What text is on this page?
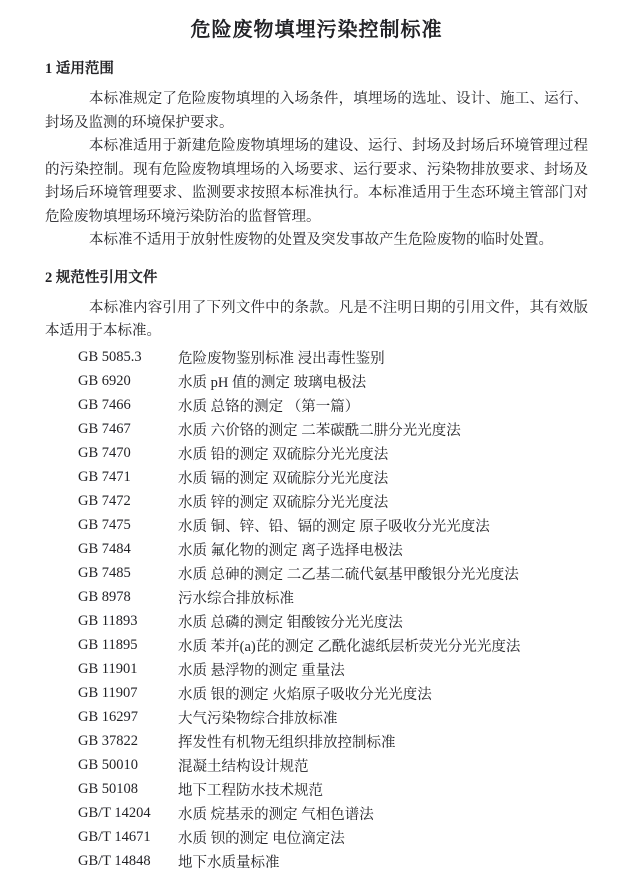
危险废物填埋污染控制标准
1 适用范围

本标准规定了危险废物填埋的入场条件，填埋场的选址、设计、施工、运行、封场及监测的环境保护要求。

本标准适用于新建危险废物填埋场的建设、运行、封场及封场后环境管理过程的污染控制。现有危险废物填埋场的入场要求、运行要求、污染物排放要求、封场及封场后环境管理要求、监测要求按照本标准执行。本标准适用于生态环境主管部门对危险废物填埋场环境污染防治的监督管理。

本标准不适用于放射性废物的处置及突发事故产生危险废物的临时处置。

2 规范性引用文件

本标准内容引用了下列文件中的条款。凡是不注明日期的引用文件，其有效版本适用于本标准。

GB 5085.3	危险废物鉴别标准 浸出毒性鉴别
GB 6920	水质 pH 值的测定 玻璃电极法
GB 7466	水质 总铬的测定 （第一篇）
GB 7467	水质 六价铬的测定 二苯碳酰二肼分光光度法
GB 7470	水质 铅的测定 双硫腙分光光度法
GB 7471	水质 镉的测定 双硫腙分光光度法
GB 7472	水质 锌的测定 双硫腙分光光度法
GB 7475	水质 铜、锌、铅、镉的测定 原子吸收分光光度法
GB 7484	水质 氟化物的测定 离子选择电极法
GB 7485	水质 总砷的测定 二乙基二硫代氨基甲酸银分光光度法
GB 8978	污水综合排放标准
GB 11893	水质 总磷的测定 钼酸铵分光光度法
GB 11895	水质 苯并(a)芘的测定 乙酰化滤纸层析荧光分光光度法
GB 11901	水质 悬浮物的测定 重量法
GB 11907	水质 银的测定 火焰原子吸收分光光度法
GB 16297	大气污染物综合排放标准
GB 37822	挥发性有机物无组织排放控制标准
GB 50010	混凝土结构设计规范
GB 50108	地下工程防水技术规范
GB/T 14204	水质 烷基汞的测定 气相色谱法
GB/T 14671	水质 钡的测定 电位滴定法
GB/T 14848	地下水质量标准
